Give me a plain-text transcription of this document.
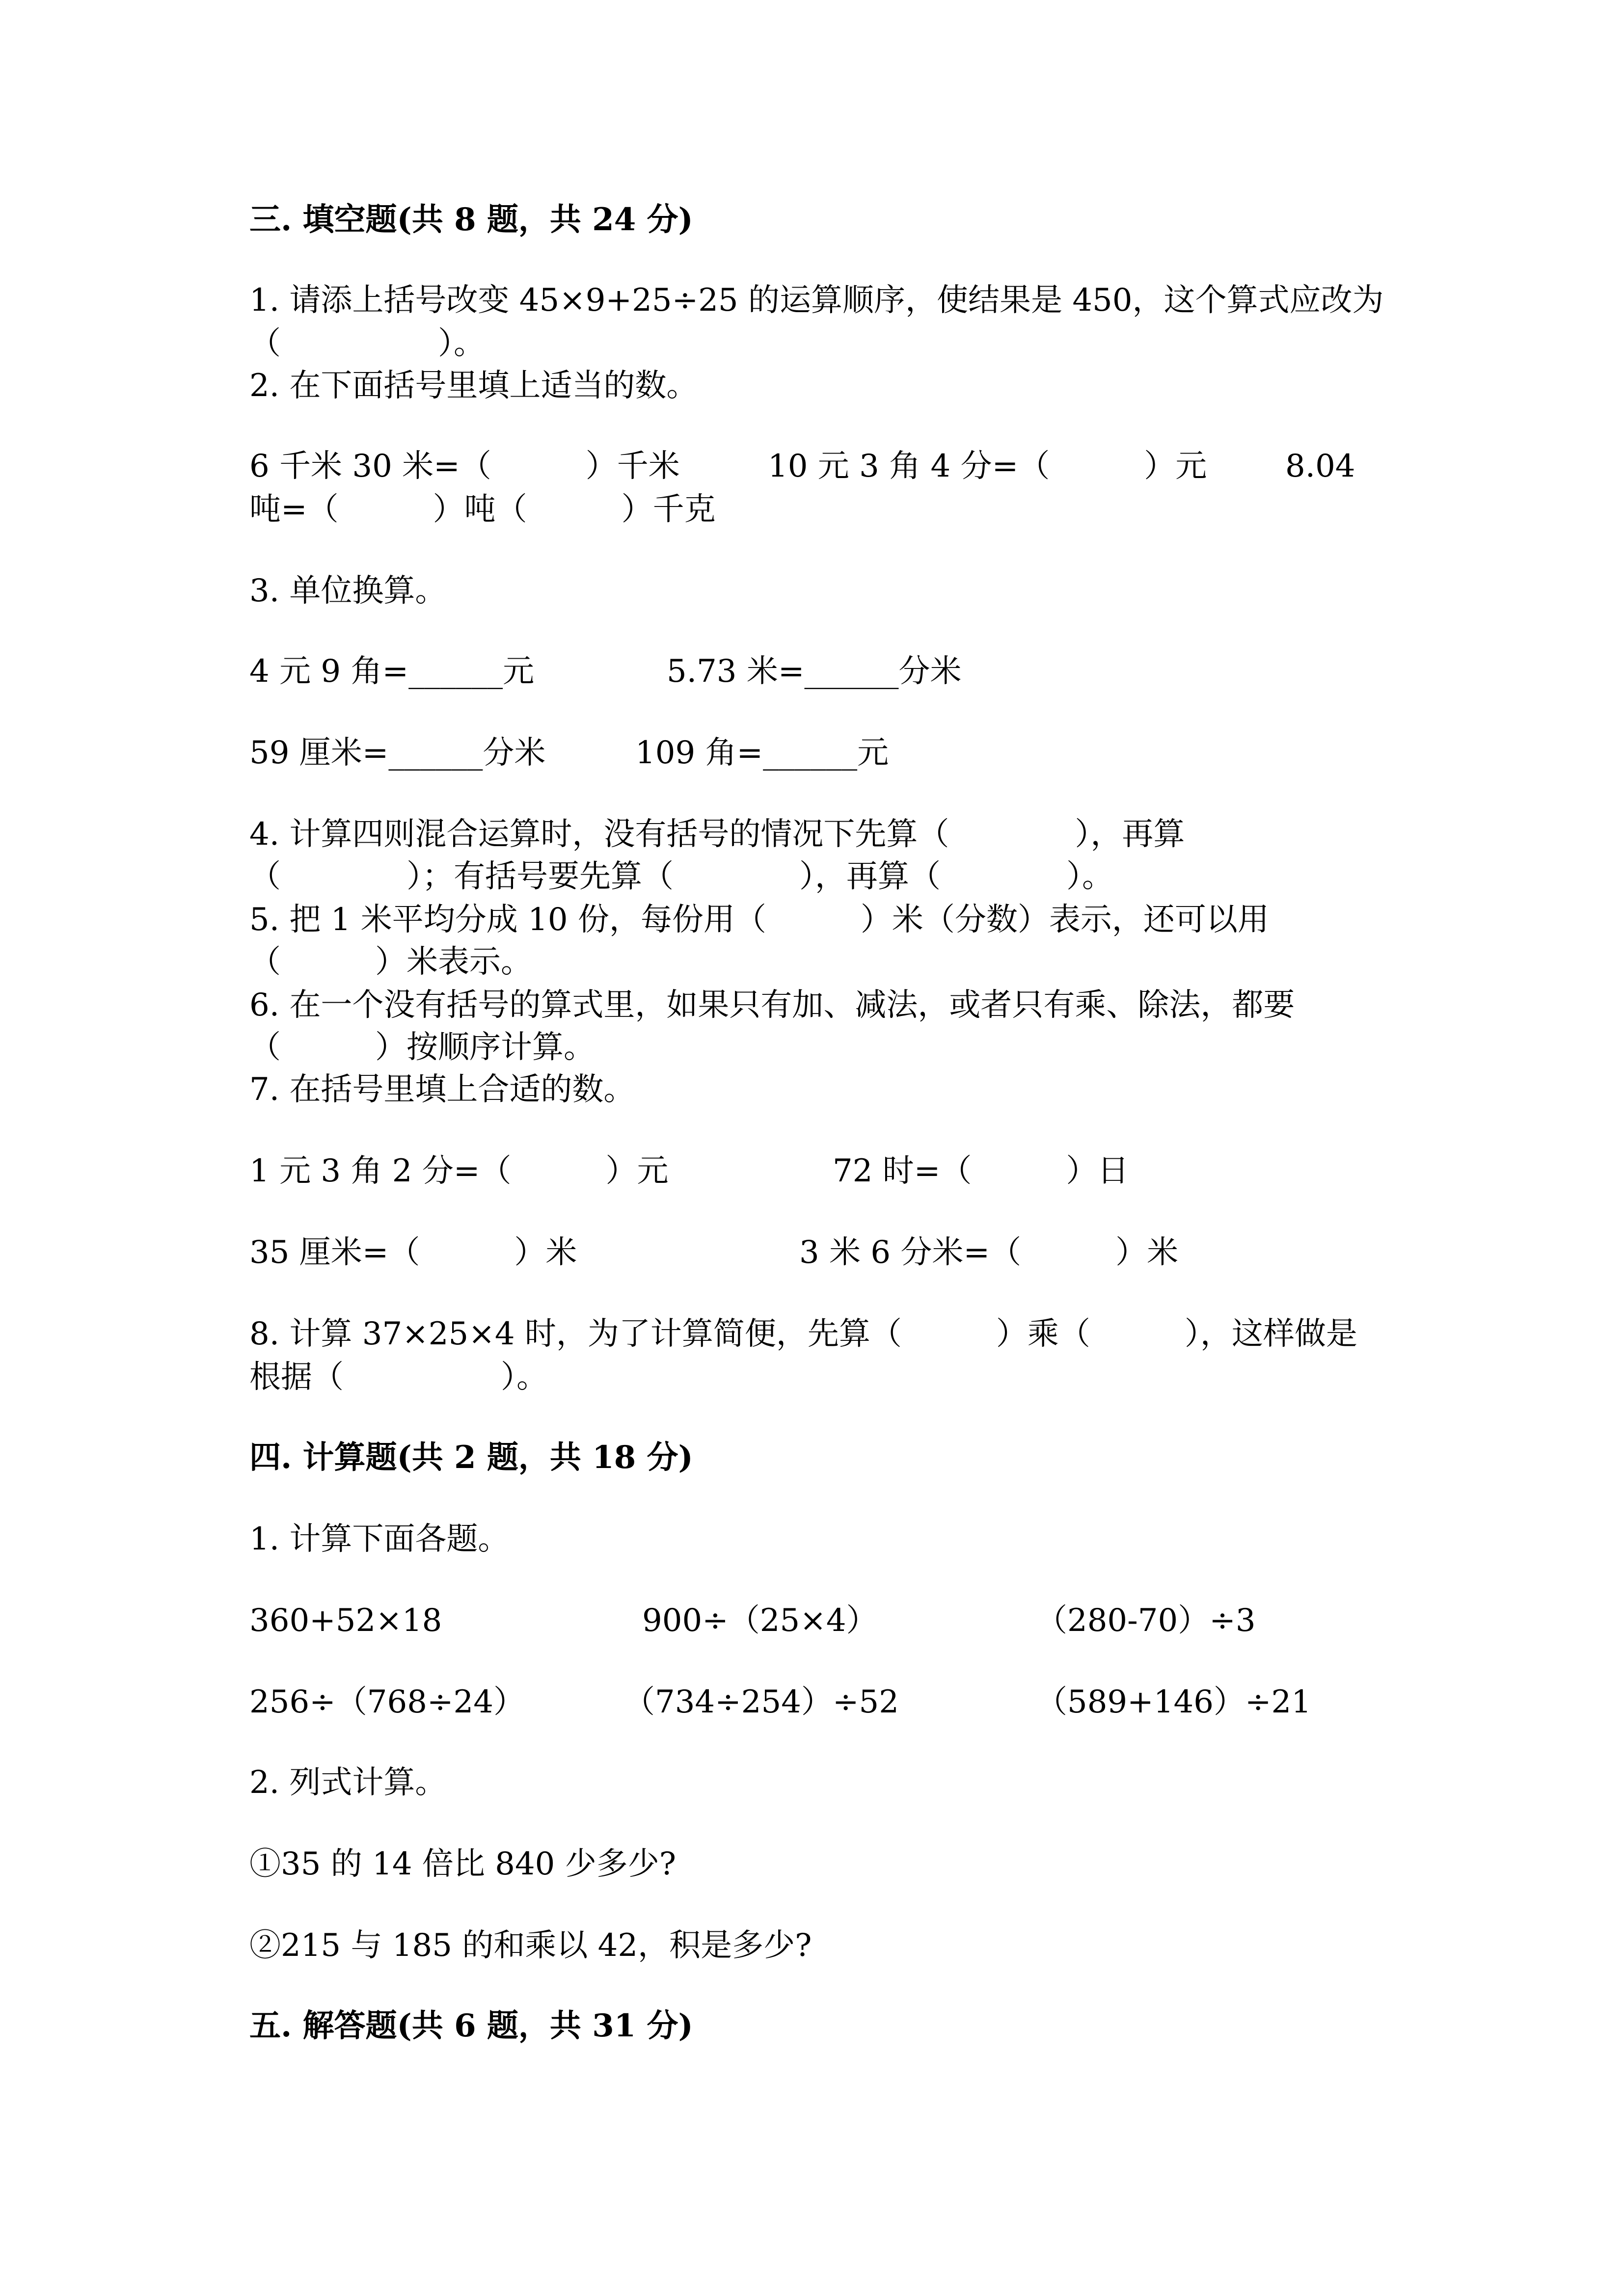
三. 填空题(共 8 题，共 24 分)
1. 请添上括号改变 45×9+25÷25 的运算顺序，使结果是 450，这个算式应改为
（　　　　　）。
2. 在下面括号里填上适当的数。
6 千米 30 米=（　　　）千米	10 元 3 角 4 分=（　　　）元 8.04
吨=（　　　）吨（　　　）千克
3. 单位换算。
4 元 9 角=______元	5.73 米=______分米
59 厘米=______分米	109 角=______元
4. 计算四则混合运算时，没有括号的情况下先算（　　　　），再算
（　　　　）；有括号要先算（　　　　），再算（　　　　）。
5. 把 1 米平均分成 10 份，每份用（　　　）米（分数）表示，还可以用
（　　　）米表示。
6. 在一个没有括号的算式里，如果只有加、减法，或者只有乘、除法，都要
（　　　）按顺序计算。
7. 在括号里填上合适的数。
1 元 3 角 2 分=（　　　）元	72 时=（　　　）日
35 厘米=（　　　）米	3 米 6 分米=（　　　）米
8. 计算 37×25×4 时，为了计算简便，先算（　　　）乘（　　　），这样做是
根据（　　　　　）。
四. 计算题(共 2 题，共 18 分)
1. 计算下面各题。
360+52×18	900÷（25×4）	（280-70）÷3
256÷（768÷24）	（734÷254）÷52	（589+146）÷21
2. 列式计算。
①35 的 14 倍比 840 少多少?
②215 与 185 的和乘以 42，积是多少?
五. 解答题(共 6 题，共 31 分)
